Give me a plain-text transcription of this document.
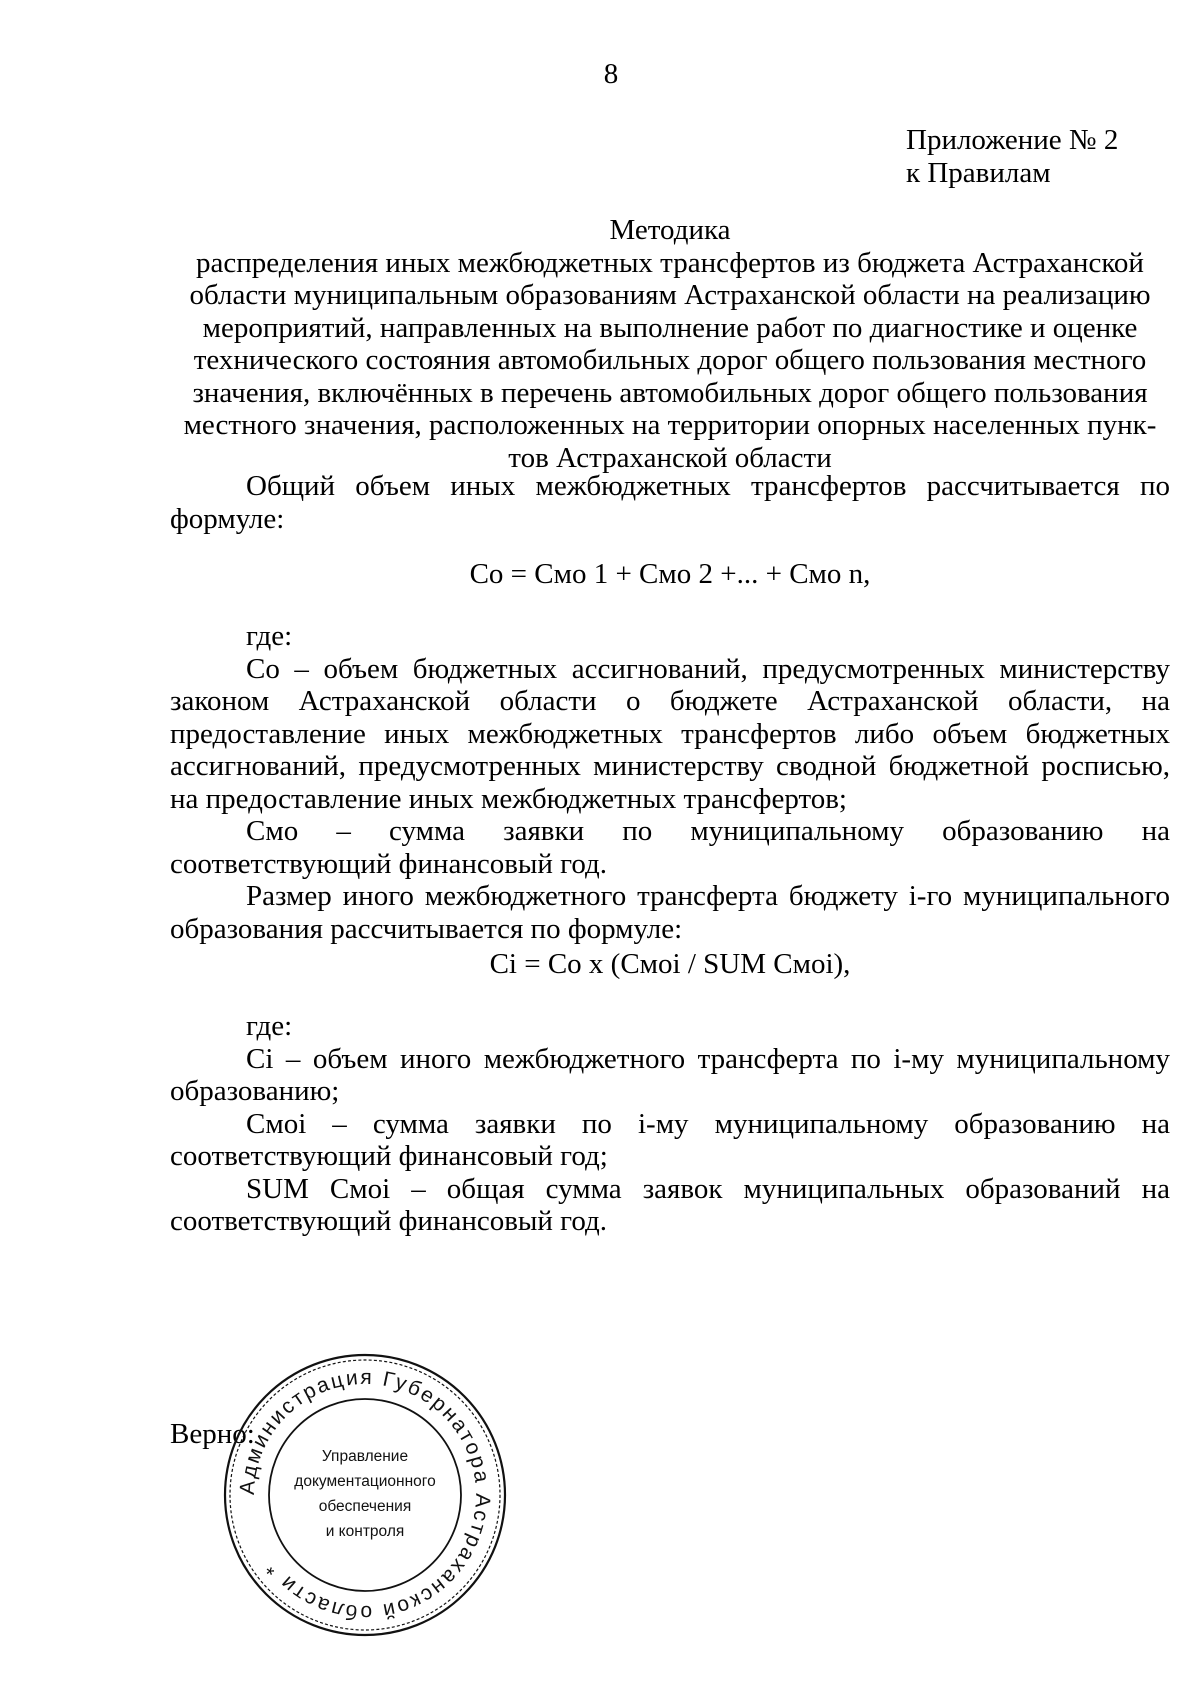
8
Приложение № 2
к Правилам
Методика
распределения иных межбюджетных трансфертов из бюджета Астраханской
области муниципальным образованиям Астраханской области на реализацию
мероприятий, направленных на выполнение работ по диагностике и оценке
технического состояния автомобильных дорог общего пользования местного
значения, включённых в перечень автомобильных дорог общего пользования
местного значения, расположенных на территории опорных населенных пунк-
тов Астраханской области

Общий объем иных межбюджетных трансфертов рассчитывается по формуле:

Со = Смо 1 + Смо 2 +... + Смо n,

где:

Со – объем бюджетных ассигнований, предусмотренных министерству законом Астраханской области о бюджете Астраханской области, на предоставление иных межбюджетных трансфертов либо объем бюджетных ассигнований, предусмотренных министерству сводной бюджетной росписью, на предоставление иных межбюджетных трансфертов;

Смо – сумма заявки по муниципальному образованию на соответствующий финансовый год.

Размер иного межбюджетного трансферта бюджету i-го муниципального образования рассчитывается по формуле:

Ci = Co x (Cмoi / SUM Смоi),

где:

Ci – объем иного межбюджетного трансферта по i-му муниципальному образованию;

Смоi – сумма заявки по i-му муниципальному образованию на соответствующий финансовый год;

SUM Смоi – общая сумма заявок муниципальных образований на соответствующий финансовый год.

Верно:
Администрация Губернатора Астраханской области *
Управление
документационного
обеспечения
и контроля
